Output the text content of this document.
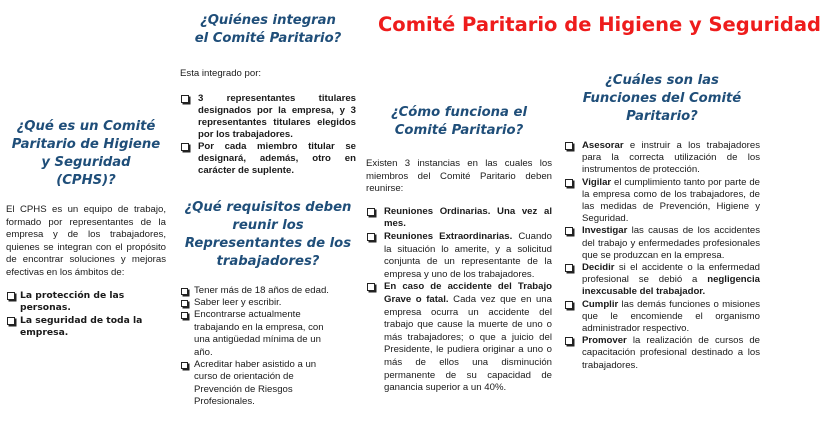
Comité Paritario de Higiene y Seguridad
¿Qué es un Comité Paritario de Higiene y Seguridad (CPHS)?

El CPHS es un equipo de trabajo, formado por representantes de la empresa y de los trabajadores, quienes se integran con el propósito de encontrar soluciones y mejoras efectivas en los ámbitos de:

La protección de las personas.
La seguridad de toda la empresa.
¿Quiénes integran el Comité Paritario?

Esta integrado por:

3 representantes titulares designados por la empresa, y 3 representantes titulares elegidos por los trabajadores.
Por cada miembro titular se designará, además, otro en carácter de suplente.
¿Qué requisitos deben reunir los Representantes de los trabajadores?
Tener más de 18 años de edad.
Saber leer y escribir.
Encontrarse actualmente trabajando en la empresa, con una antigüedad mínima de un año.
Acreditar haber asistido a un curso de orientación de Prevención de Riesgos Profesionales.
¿Cómo funciona el Comité Paritario?

Existen 3 instancias en las cuales los miembros del Comité Paritario deben reunirse:

Reuniones Ordinarias. Una vez al mes.
Reuniones Extraordinarias. Cuando la situación lo amerite, y a solicitud conjunta de un representante de la empresa y uno de los trabajadores.
En caso de accidente del Trabajo Grave o fatal. Cada vez que en una empresa ocurra un accidente del trabajo que cause la muerte de uno o más trabajadores; o que a juicio del Presidente, le pudiera originar a uno o más de ellos una disminución permanente de su capacidad de ganancia superior a un 40%.
¿Cuáles son las Funciones del Comité Paritario?
Asesorar e instruir a los trabajadores para la correcta utilización de los instrumentos de protección.
Vigilar el cumplimiento tanto por parte de la empresa como de los trabajadores, de las medidas de Prevención, Higiene y Seguridad.
Investigar las causas de los accidentes del trabajo y enfermedades profesionales que se produzcan en la empresa.
Decidir si el accidente o la enfermedad profesional se debió a negligencia inexcusable del trabajador.
Cumplir las demás funciones o misiones que le encomiende el organismo administrador respectivo.
Promover la realización de cursos de capacitación profesional destinado a los trabajadores.
